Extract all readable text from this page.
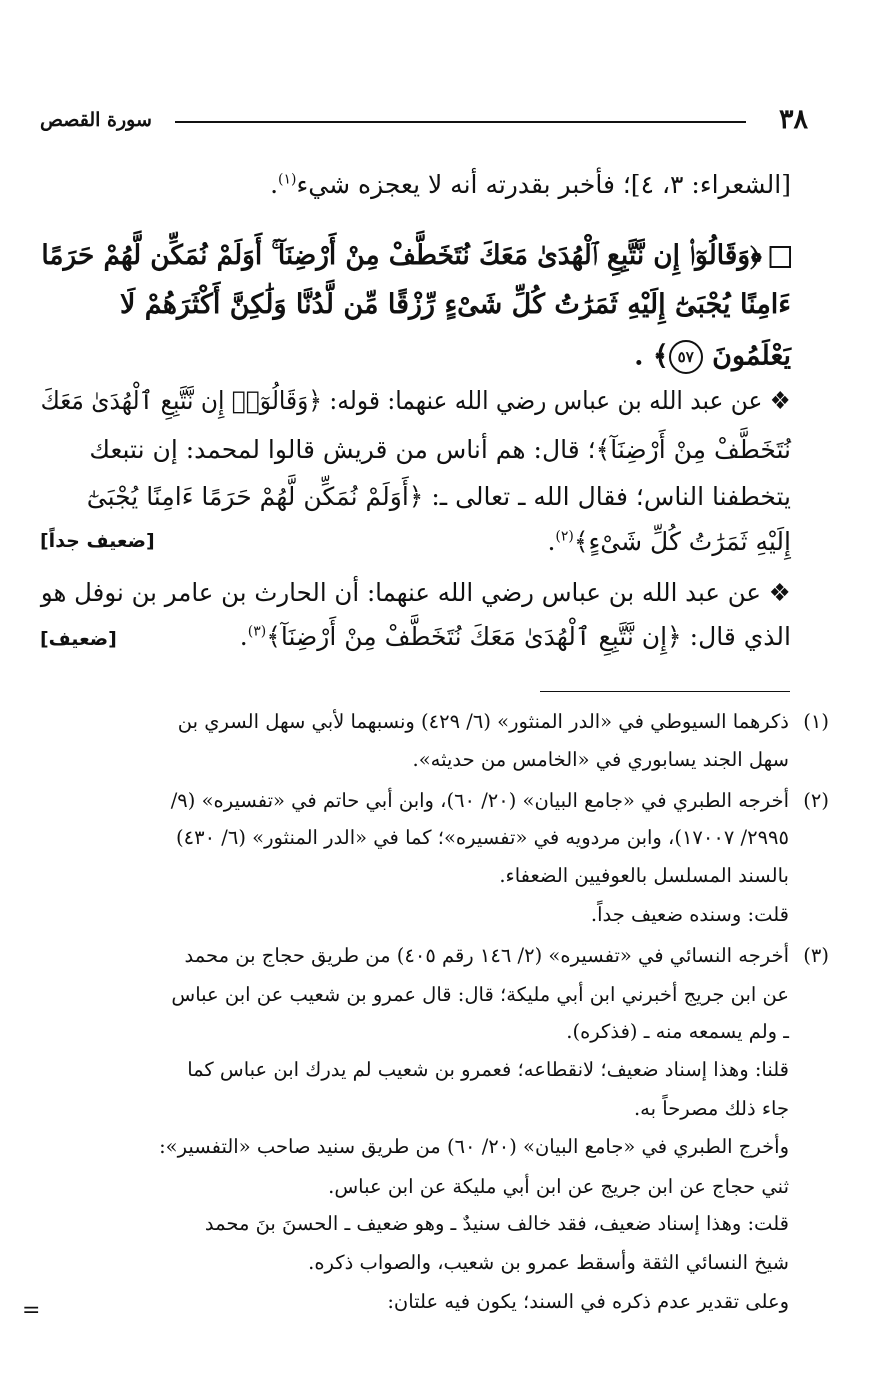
٣٨
سورة القصص
[الشعراء: ٣، ٤]؛ فأخبر بقدرته أنه لا يعجزه شيء$^{(١)}$.
﴿وَقَالُوٓا۟ إِن نَّتَّبِعِ ٱلْهُدَىٰ مَعَكَ نُتَخَطَّفْ مِنْ أَرْضِنَآ ۚ أَوَلَمْ نُمَكِّن لَّهُمْ حَرَمًا
ءَامِنًا يُجْبَىٰٓ إِلَيْهِ ثَمَرَٰتُ كُلِّ شَىْءٍ رِّزْقًا مِّن لَّدُنَّا وَلَٰكِنَّ أَكْثَرَهُمْ لَا
يَعْلَمُونَ ٥٧﴾ .
❖ عن عبد الله بن عباس رضي الله عنهما: قوله: ﴿وَقَالُوٓا۟ إِن نَّتَّبِعِ ٱلْهُدَىٰ مَعَكَ
نُتَخَطَّفْ مِنْ أَرْضِنَآ﴾؛ قال: هم أناس من قريش قالوا لمحمد: إن نتبعك
يتخطفنا الناس؛ فقال الله ـ تعالى ـ: ﴿أَوَلَمْ نُمَكِّن لَّهُمْ حَرَمًا ءَامِنًا يُجْبَىٰٓ
إِلَيْهِ ثَمَرَٰتُ كُلِّ شَىْءٍ﴾$^{(٢)}$.
[ضعيف جداً]
❖ عن عبد الله بن عباس رضي الله عنهما: أن الحارث بن عامر بن نوفل هو
الذي قال: ﴿إِن نَّتَّبِعِ ٱلْهُدَىٰ مَعَكَ نُتَخَطَّفْ مِنْ أَرْضِنَآ﴾$^{(٣)}$.
[ضعيف]
(١)
ذكرهما السيوطي في «الدر المنثور» (٦/ ٤٢٩) ونسبهما لأبي سهل السري بن
سهل الجند يسابوري في «الخامس من حديثه».
(٢)
أخرجه الطبري في «جامع البيان» (٢٠/ ٦٠)، وابن أبي حاتم في «تفسيره» (٩/
٢٩٩٥/ ١٧٠٠٧)، وابن مردويه في «تفسيره»؛ كما في «الدر المنثور» (٦/ ٤٣٠)
بالسند المسلسل بالعوفيين الضعفاء.
قلت: وسنده ضعيف جداً.
(٣)
أخرجه النسائي في «تفسيره» (٢/ ١٤٦ رقم ٤٠٥) من طريق حجاج بن محمد
عن ابن جريج أخبرني ابن أبي مليكة؛ قال: قال عمرو بن شعيب عن ابن عباس
ـ ولم يسمعه منه ـ (فذكره).
قلنا: وهذا إسناد ضعيف؛ لانقطاعه؛ فعمرو بن شعيب لم يدرك ابن عباس كما
جاء ذلك مصرحاً به.
وأخرج الطبري في «جامع البيان» (٢٠/ ٦٠) من طريق سنيد صاحب «التفسير»:
ثني حجاج عن ابن جريج عن ابن أبي مليكة عن ابن عباس.
قلت: وهذا إسناد ضعيف، فقد خالف سنيدٌ ـ وهو ضعيف ـ الحسنَ بنَ محمد
شيخ النسائي الثقة وأسقط عمرو بن شعيب، والصواب ذكره.
وعلى تقدير عدم ذكره في السند؛ يكون فيه علتان:
=
